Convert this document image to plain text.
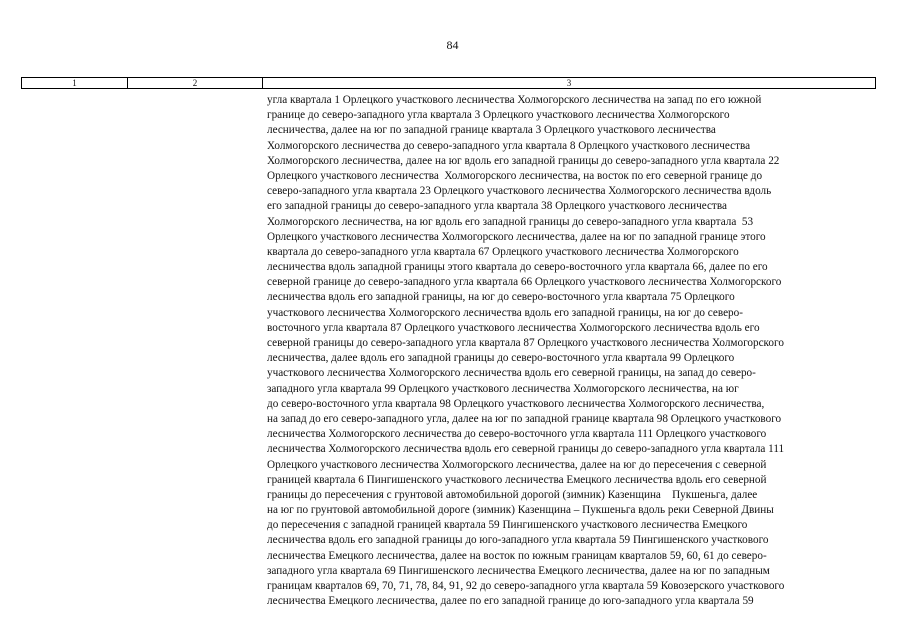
84
1	2	3
угла квартала 1 Орлецкого участкового лесничества Холмогорского лесничества на запад по его южной
границе до северо-западного угла квартала 3 Орлецкого участкового лесничества Холмогорского
лесничества, далее на юг по западной границе квартала 3 Орлецкого участкового лесничества
Холмогорского лесничества до северо-западного угла квартала 8 Орлецкого участкового лесничества
Холмогорского лесничества, далее на юг вдоль его западной границы до северо-западного угла квартала 22
Орлецкого участкового лесничества  Холмогорского лесничества, на восток по его северной границе до
северо-западного угла квартала 23 Орлецкого участкового лесничества Холмогорского лесничества вдоль
его западной границы до северо-западного угла квартала 38 Орлецкого участкового лесничества
Холмогорского лесничества, на юг вдоль его западной границы до северо-западного угла квартала  53
Орлецкого участкового лесничества Холмогорского лесничества, далее на юг по западной границе этого
квартала до северо-западного угла квартала 67 Орлецкого участкового лесничества Холмогорского
лесничества вдоль западной границы этого квартала до северо-восточного угла квартала 66, далее по его
северной границе до северо-западного угла квартала 66 Орлецкого участкового лесничества Холмогорского
лесничества вдоль его западной границы, на юг до северо-восточного угла квартала 75 Орлецкого
участкового лесничества Холмогорского лесничества вдоль его западной границы, на юг до северо-
восточного угла квартала 87 Орлецкого участкового лесничества Холмогорского лесничества вдоль его
северной границы до северо-западного угла квартала 87 Орлецкого участкового лесничества Холмогорского
лесничества, далее вдоль его западной границы до северо-восточного угла квартала 99 Орлецкого
участкового лесничества Холмогорского лесничества вдоль его северной границы, на запад до северо-
западного угла квартала 99 Орлецкого участкового лесничества Холмогорского лесничества, на юг
до северо-восточного угла квартала 98 Орлецкого участкового лесничества Холмогорского лесничества,
на запад до его северо-западного угла, далее на юг по западной границе квартала 98 Орлецкого участкового
лесничества Холмогорского лесничества до северо-восточного угла квартала 111 Орлецкого участкового
лесничества Холмогорского лесничества вдоль его северной границы до северо-западного угла квартала 111
Орлецкого участкового лесничества Холмогорского лесничества, далее на юг до пересечения с северной
границей квартала 6 Пингишенского участкового лесничества Емецкого лесничества вдоль его северной
границы до пересечения с грунтовой автомобильной дорогой (зимник) Казенщина    Пукшеньга, далее
на юг по грунтовой автомобильной дороге (зимник) Казенщина – Пукшеньга вдоль реки Северной Двины
до пересечения с западной границей квартала 59 Пингишенского участкового лесничества Емецкого
лесничества вдоль его западной границы до юго-западного угла квартала 59 Пингишенского участкового
лесничества Емецкого лесничества, далее на восток по южным границам кварталов 59, 60, 61 до северо-
западного угла квартала 69 Пингишенского лесничества Емецкого лесничества, далее на юг по западным
границам кварталов 69, 70, 71, 78, 84, 91, 92 до северо-западного угла квартала 59 Ковозерского участкового
лесничества Емецкого лесничества, далее по его западной границе до юго-западного угла квартала 59
